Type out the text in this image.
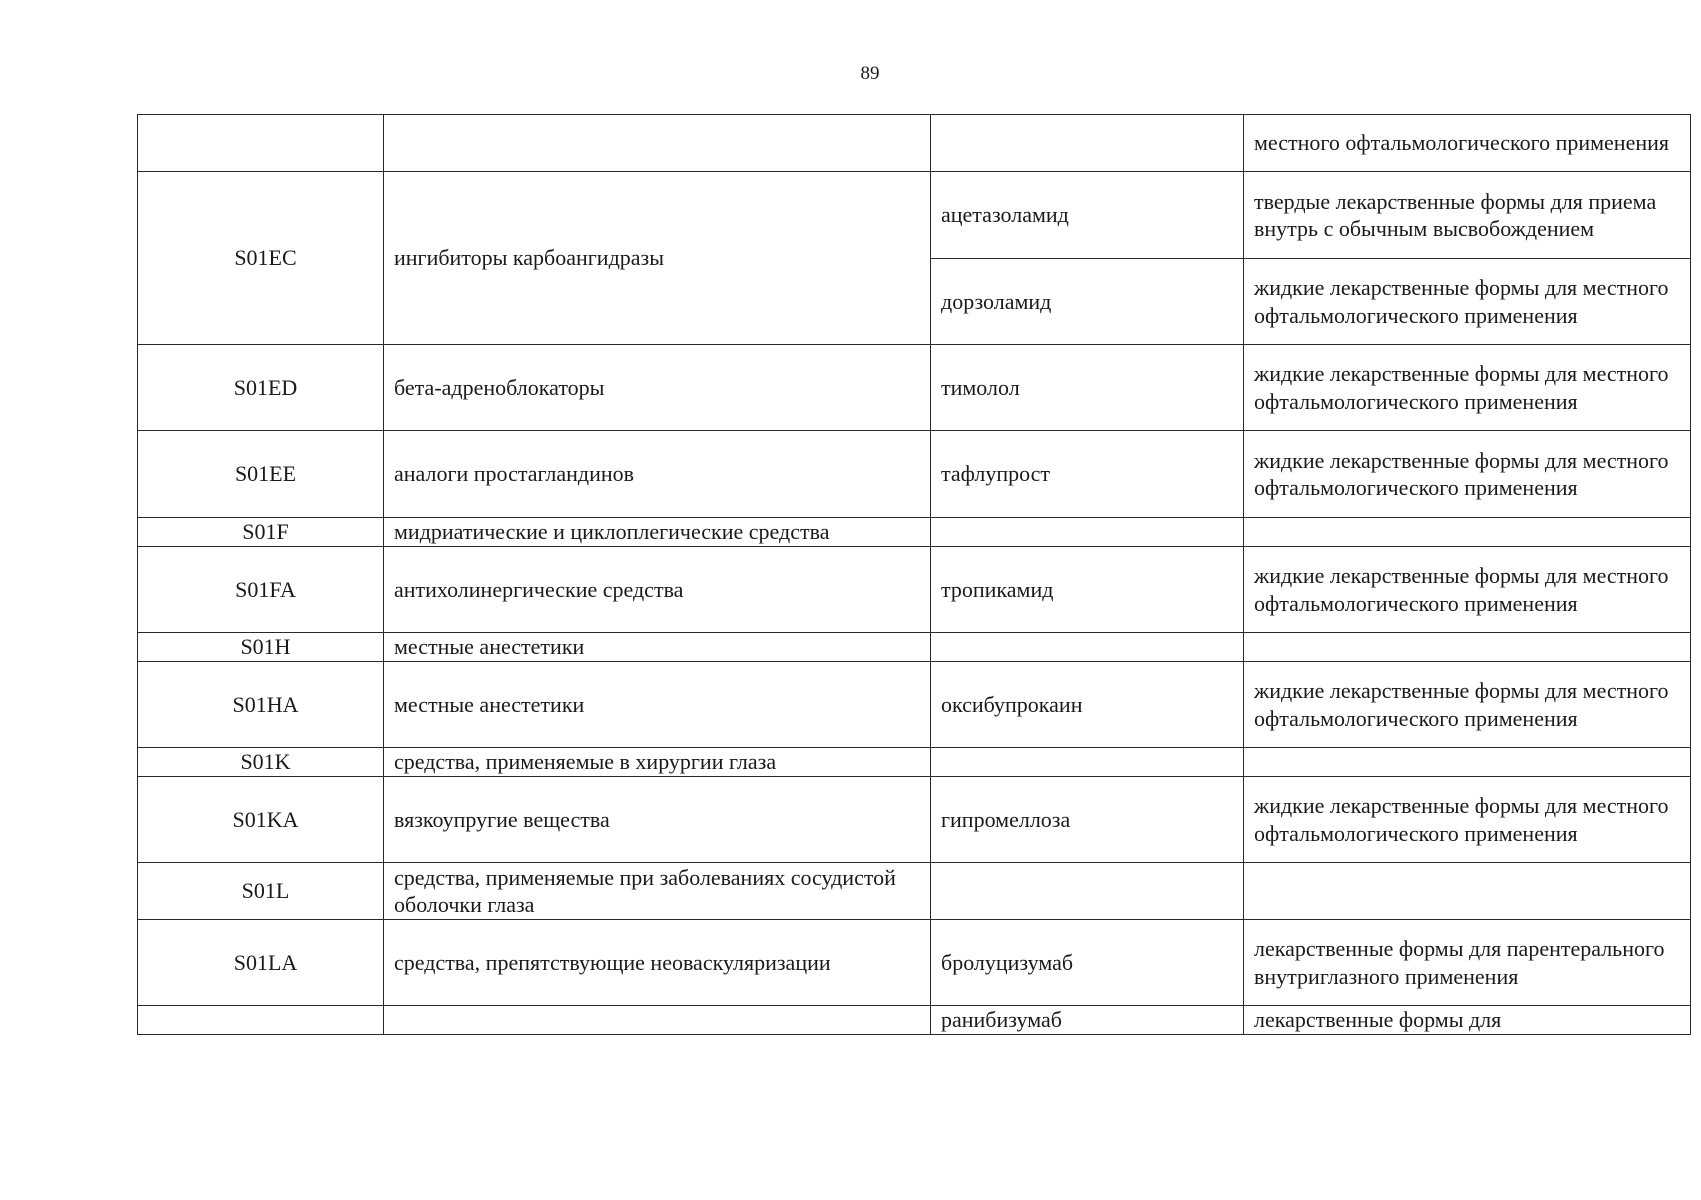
89
			местного офтальмологического применения
S01EC	ингибиторы карбоангидразы	ацетазоламид	твердые лекарственные формы для приема внутрь с обычным высвобождением
		дорзоламид	жидкие лекарственные формы для местного офтальмологического применения
S01ED	бета-адреноблокаторы	тимолол	жидкие лекарственные формы для местного офтальмологического применения
S01EE	аналоги простагландинов	тафлупрост	жидкие лекарственные формы для местного офтальмологического применения
S01F	мидриатические и циклоплегические средства		
S01FA	антихолинергические средства	тропикамид	жидкие лекарственные формы для местного офтальмологического применения
S01H	местные анестетики		
S01HA	местные анестетики	оксибупрокаин	жидкие лекарственные формы для местного офтальмологического применения
S01K	средства, применяемые в хирургии глаза		
S01KA	вязкоупругие вещества	гипромеллоза	жидкие лекарственные формы для местного офтальмологического применения
S01L	средства, применяемые при заболеваниях сосудистой оболочки глаза		
S01LA	средства, препятствующие неоваскуляризации	бролуцизумаб	лекарственные формы для парентерального внутриглазного применения
		ранибизумаб	лекарственные формы для
